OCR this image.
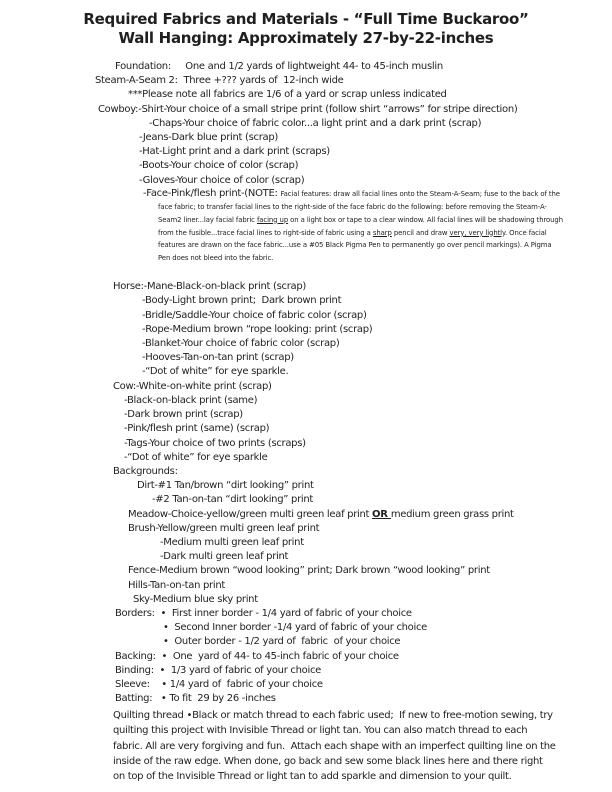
Required Fabrics and Materials - “Full Time Buckaroo”
Wall Hanging: Approximately 27-by-22-inches
Foundation:     One and 1/2 yards of lightweight 44- to 45-inch muslin
Steam-A-Seam 2:  Three +??? yards of  12-inch wide
***Please note all fabrics are 1/6 of a yard or scrap unless indicated
Cowboy:-Shirt-Your choice of a small stripe print (follow shirt “arrows” for stripe direction)
-Chaps-Your choice of fabric color...a light print and a dark print (scrap)
-Jeans-Dark blue print (scrap)
-Hat-Light print and a dark print (scraps)
-Boots-Your choice of color (scrap)
-Gloves-Your choice of color (scrap)
-Face-Pink/flesh print-(NOTE: Facial features: draw all facial lines onto the Steam-A-Seam; fuse to the back of the face fabric; to transfer facial lines to the right-side of the face fabric do the following: before removing the Steam-A-Seam2 liner...lay facial fabric facing up on a light box or tape to a clear window. All facial lines will be shadowing through from the fusible...trace facial lines to right-side of fabric using a sharp pencil and draw very, very lightly. Once facial features are drawn on the face fabric...use a #05 Black Pigma Pen to permanently go over pencil markings). A Pigma Pen does not bleed into the fabric.
Horse:-Mane-Black-on-black print (scrap)
-Body-Light brown print;  Dark brown print
-Bridle/Saddle-Your choice of fabric color (scrap)
-Rope-Medium brown “rope looking: print (scrap)
-Blanket-Your choice of fabric color (scrap)
-Hooves-Tan-on-tan print (scrap)
-“Dot of white” for eye sparkle.
Cow:-White-on-white print (scrap)
-Black-on-black print (same)
-Dark brown print (scrap)
-Pink/flesh print (same) (scrap)
-Tags-Your choice of two prints (scraps)
-“Dot of white” for eye sparkle
Backgrounds:
Dirt-#1 Tan/brown “dirt looking” print
-#2 Tan-on-tan “dirt looking” print
Meadow-Choice-yellow/green multi green leaf print OR medium green grass print
Brush-Yellow/green multi green leaf print
-Medium multi green leaf print
-Dark multi green leaf print
Fence-Medium brown “wood looking” print; Dark brown “wood looking” print
Hills-Tan-on-tan print
Sky-Medium blue sky print
Borders:  •  First inner border - 1/4 yard of fabric of your choice
•  Second Inner border -1/4 yard of fabric of your choice
•  Outer border - 1/2 yard of  fabric  of your choice
Backing:  •  One  yard of 44- to 45-inch fabric of your choice
Binding:  •  1/3 yard of fabric of your choice
Sleeve:    • 1/4 yard of  fabric of your choice
Batting:   • To fit  29 by 26 -inches
Quilting thread •Black or match thread to each fabric used;  If new to free-motion sewing, try quilting this project with Invisible Thread or light tan. You can also match thread to each fabric. All are very forgiving and fun.  Attach each shape with an imperfect quilting line on the inside of the raw edge. When done, go back and sew some black lines here and there right on top of the Invisible Thread or light tan to add sparkle and dimension to your quilt.
